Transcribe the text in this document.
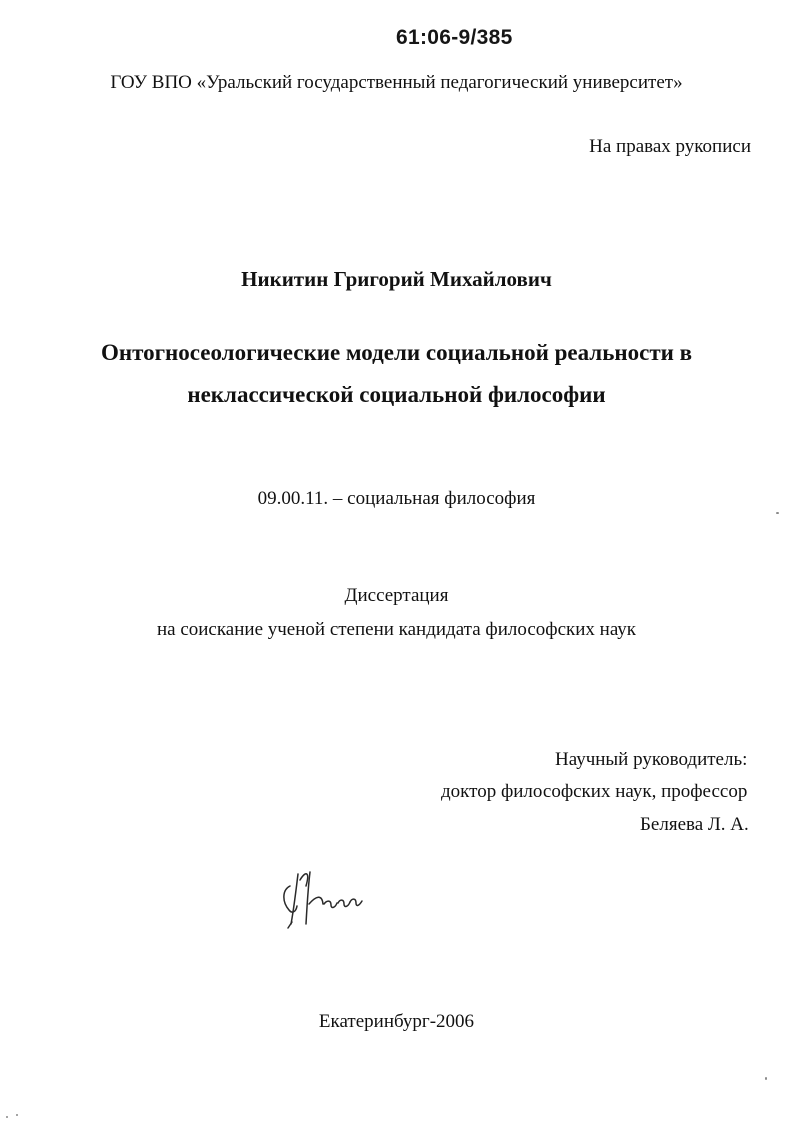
61:06-9/385
ГОУ ВПО «Уральский государственный педагогический университет»
На правах рукописи
Никитин Григорий Михайлович
Онтогносеологические модели социальной реальности в
неклассической социальной философии
09.00.11. – социальная философия
Диссертация
на соискание ученой степени кандидата философских наук
Научный руководитель:
доктор философских наук, профессор
Беляева Л. А.
Екатеринбург-2006
